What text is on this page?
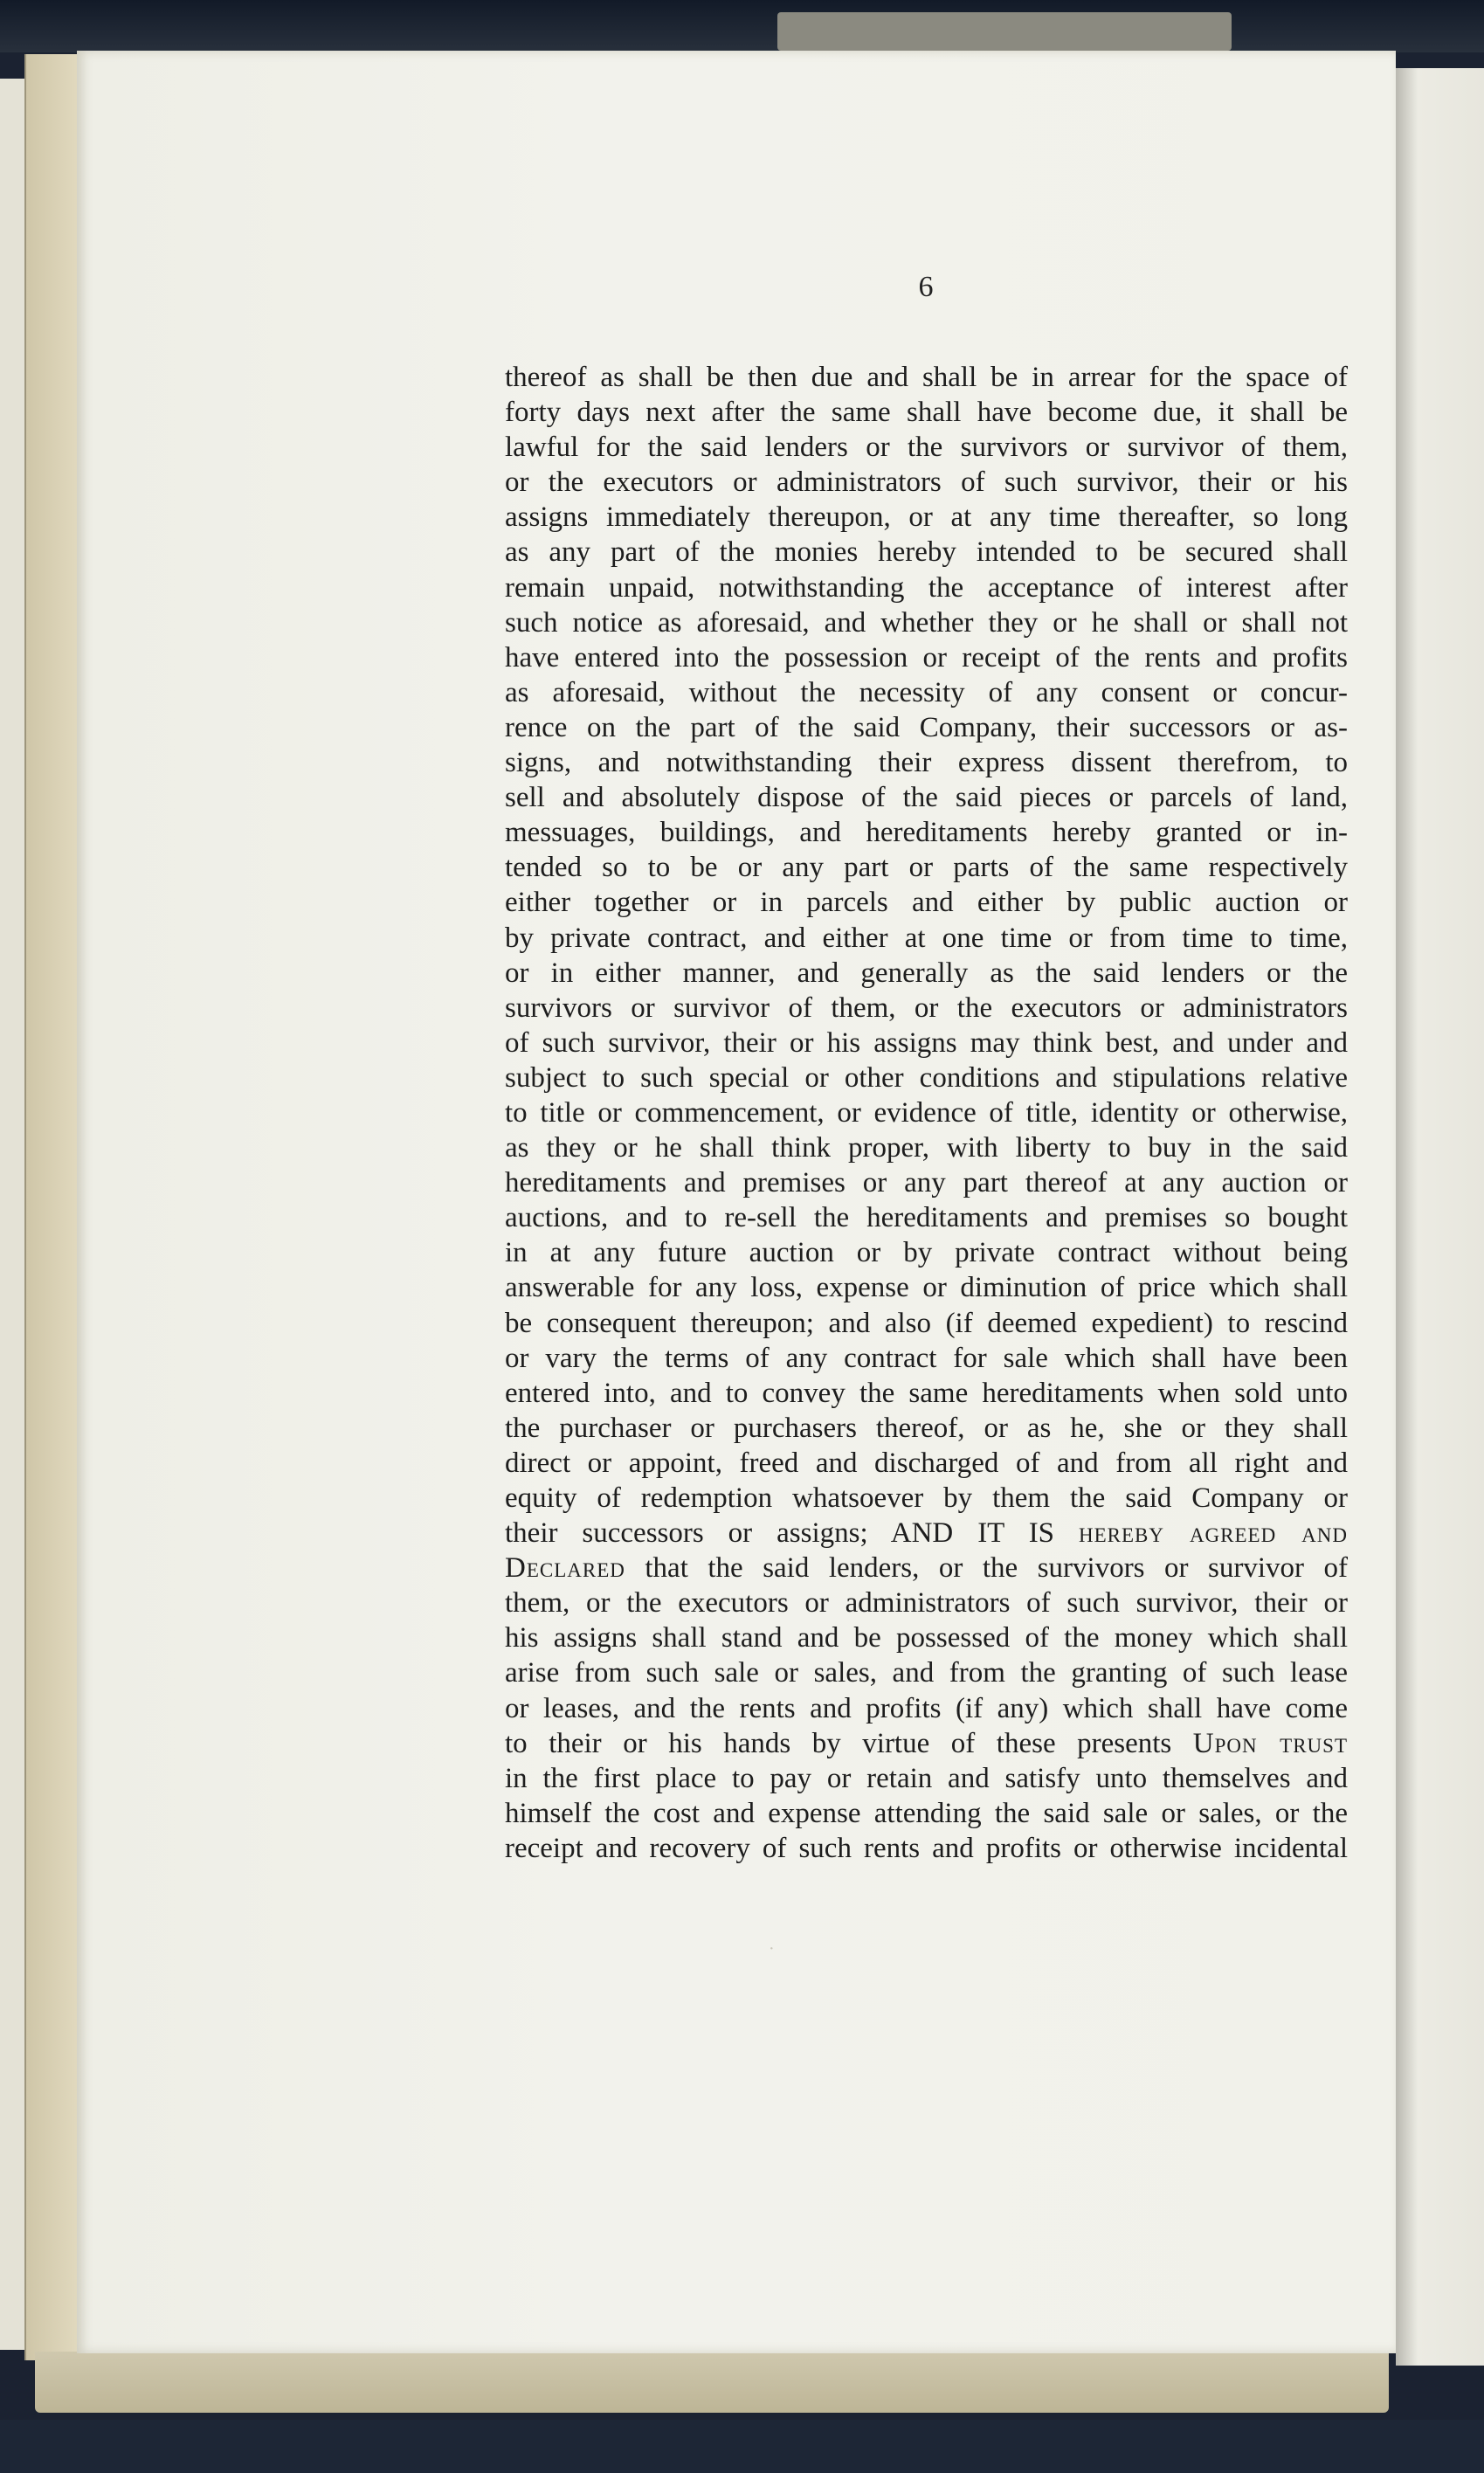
6
thereof as shall be then due and shall be in arrear for the space of
forty days next after the same shall have become due, it shall be
lawful for the said lenders or the survivors or survivor of them,
or the executors or administrators of such survivor, their or his
assigns immediately thereupon, or at any time thereafter, so long
as any part of the monies hereby intended to be secured shall
remain unpaid, notwithstanding the acceptance of interest after
such notice as aforesaid, and whether they or he shall or shall not
have entered into the possession or receipt of the rents and profits
as aforesaid, without the necessity of any consent or concur-
rence on the part of the said Company, their successors or as-
signs, and notwithstanding their express dissent therefrom, to
sell and absolutely dispose of the said pieces or parcels of land,
messuages, buildings, and hereditaments hereby granted or in-
tended so to be or any part or parts of the same respectively
either together or in parcels and either by public auction or
by private contract, and either at one time or from time to time,
or in either manner, and generally as the said lenders or the
survivors or survivor of them, or the executors or administrators
of such survivor, their or his assigns may think best, and under and
subject to such special or other conditions and stipulations relative
to title or commencement, or evidence of title, identity or otherwise,
as they or he shall think proper, with liberty to buy in the said
hereditaments and premises or any part thereof at any auction or
auctions, and to re-sell the hereditaments and premises so bought
in at any future auction or by private contract without being
answerable for any loss, expense or diminution of price which shall
be consequent thereupon; and also (if deemed expedient) to rescind
or vary the terms of any contract for sale which shall have been
entered into, and to convey the same hereditaments when sold unto
the purchaser or purchasers thereof, or as he, she or they shall
direct or appoint, freed and discharged of and from all right and
equity of redemption whatsoever by them the said Company or
their successors or assigns; AND IT IS hereby agreed and
Declared that the said lenders, or the survivors or survivor of
them, or the executors or administrators of such survivor, their or
his assigns shall stand and be possessed of the money which shall
arise from such sale or sales, and from the granting of such lease
or leases, and the rents and profits (if any) which shall have come
to their or his hands by virtue of these presents Upon trust
in the first place to pay or retain and satisfy unto themselves and
himself the cost and expense attending the said sale or sales, or the
receipt and recovery of such rents and profits or otherwise incidental
·
